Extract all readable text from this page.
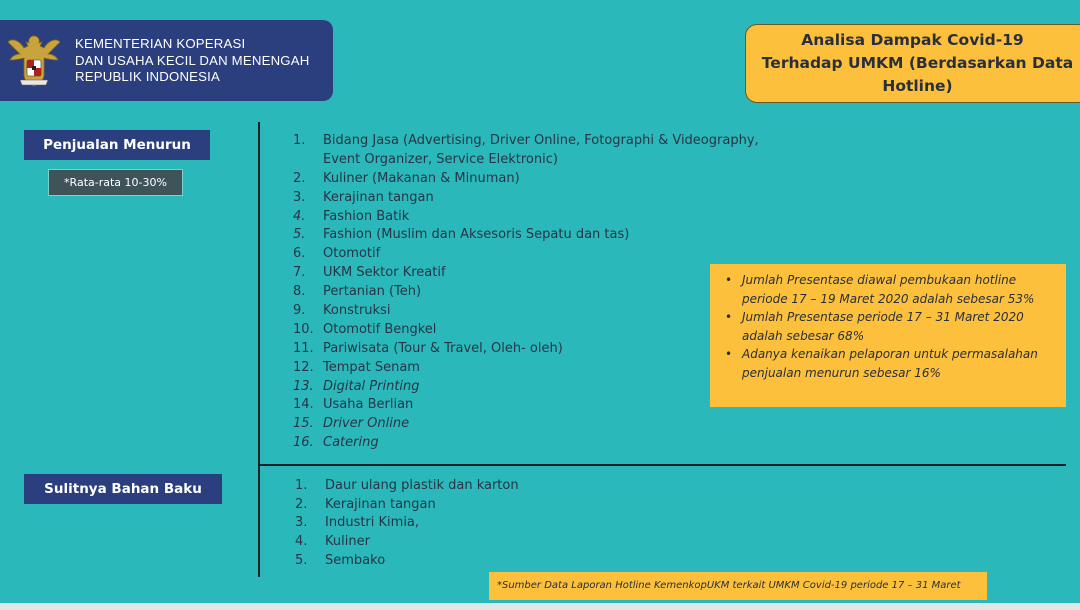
KEMENTERIAN KOPERASI
DAN USAHA KECIL DAN MENENGAH
REPUBLIK INDONESIA
Analisa Dampak Covid-19
Terhadap UMKM (Berdasarkan Data
Hotline)
Penjualan Menurun
*Rata-rata 10-30%
Sulitnya Bahan Baku
1. Bidang Jasa (Advertising, Driver Online, Fotographi & Videography, Event Organizer, Service Elektronic)
2. Kuliner (Makanan & Minuman)
3. Kerajinan tangan
4. Fashion Batik
5. Fashion (Muslim dan Aksesoris Sepatu dan tas)
6. Otomotif
7. UKM Sektor Kreatif
8. Pertanian (Teh)
9. Konstruksi
10. Otomotif Bengkel
11. Pariwisata (Tour & Travel, Oleh- oleh)
12. Tempat Senam
13. Digital Printing
14. Usaha Berlian
15. Driver Online
16. Catering
• Jumlah Presentase diawal pembukaan hotline periode 17 – 19 Maret 2020 adalah sebesar 53%
• Jumlah Presentase periode 17 – 31 Maret 2020 adalah sebesar 68%
• Adanya kenaikan pelaporan untuk permasalahan penjualan menurun sebesar 16%
1. Daur ulang plastik dan karton
2. Kerajinan tangan
3. Industri Kimia,
4. Kuliner
5. Sembako
*Sumber Data Laporan Hotline KemenkopUKM terkait UMKM Covid-19 periode 17 – 31 Maret
